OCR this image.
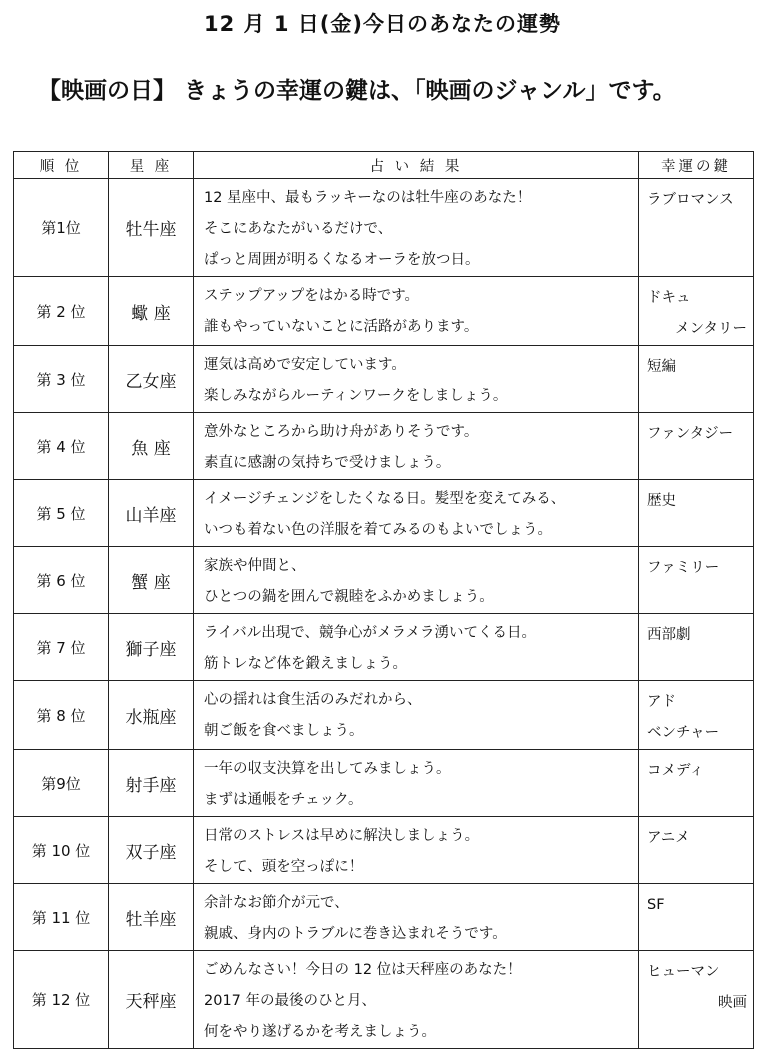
12 月 1 日(金)今日のあなたの運勢
【映画の日】 きょうの幸運の鍵は、「映画のジャンル」です。
順 位	星 座	占 い 結 果	幸運の鍵
第1位	牡牛座	12 星座中、最もラッキーなのは牡牛座のあなた！
そこにあなたがいるだけで、
ぱっと周囲が明るくなるオーラを放つ日。	ラブロマンス

第 2 位	蠍 座	ステップアップをはかる時です。
誰もやっていないことに活路があります。	ドキュ
メンタリー

第 3 位	乙女座	運気は高めで安定しています。
楽しみながらルーティンワークをしましょう。	短編

第 4 位	魚 座	意外なところから助け舟がありそうです。
素直に感謝の気持ちで受けましょう。	ファンタジー

第 5 位	山羊座	イメージチェンジをしたくなる日。髪型を変えてみる、
いつも着ない色の洋服を着てみるのもよいでしょう。	歴史

第 6 位	蟹 座	家族や仲間と、
ひとつの鍋を囲んで親睦をふかめましょう。	ファミリー

第 7 位	獅子座	ライバル出現で、競争心がメラメラ湧いてくる日。
筋トレなど体を鍛えましょう。	西部劇

第 8 位	水瓶座	心の揺れは食生活のみだれから、
朝ご飯を食べましょう。	アド
ベンチャー

第9位	射手座	一年の収支決算を出してみましょう。
まずは通帳をチェック。	コメディ

第 10 位	双子座	日常のストレスは早めに解決しましょう。
そして、頭を空っぽに！	アニメ

第 11 位	牡羊座	余計なお節介が元で、
親戚、身内のトラブルに巻き込まれそうです。	SF

第 12 位	天秤座	ごめんなさい！今日の 12 位は天秤座のあなた！
2017 年の最後のひと月、
何をやり遂げるかを考えましょう。	ヒューマン
映画
